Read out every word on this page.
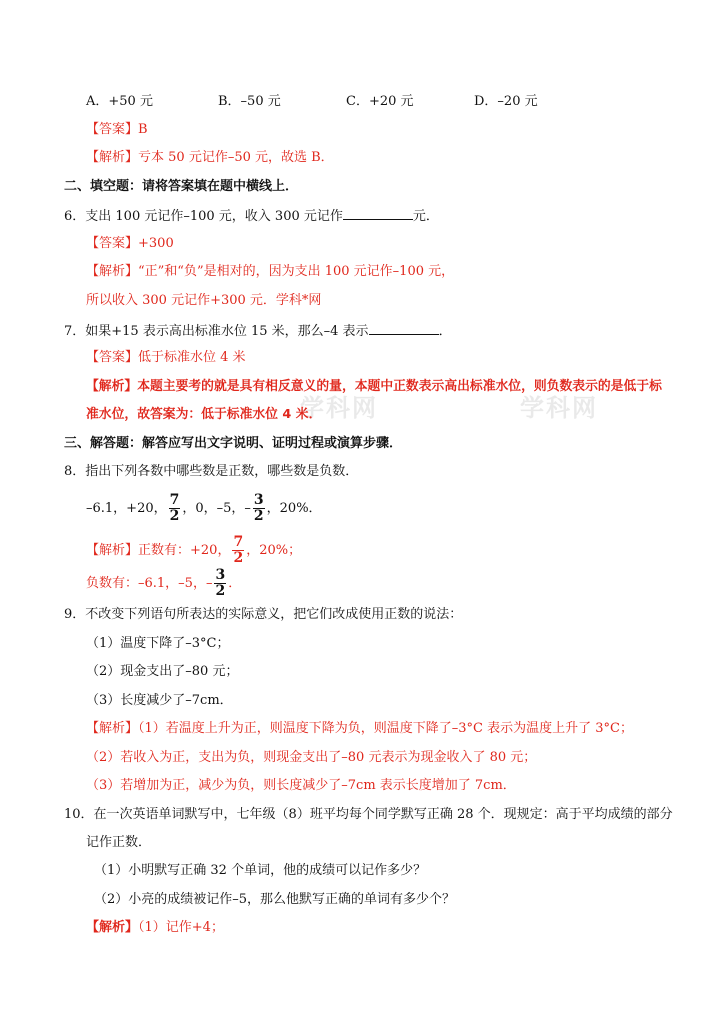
学科网	学科网
A．+50 元	B．–50 元	C．+20 元	D．–20 元
【答案】B
【解析】亏本 50 元记作–50 元，故选 B．
二、填空题：请将答案填在题中横线上．
6．支出 100 元记作–100 元，收入 300 元记作	元．
【答案】+300
【解析】“正”和“负”是相对的，因为支出 100 元记作–100 元，
所以收入 300 元记作+300 元．学科*网
7．如果+15 表示高出标准水位 15 米，那么–4 表示	．
【答案】低于标准水位 4 米
【解析】本题主要考的就是具有相反意义的量，本题中正数表示高出标准水位，则负数表示的是低于标
准水位，故答案为：低于标准水位 4 米．
三、解答题：解答应写出文字说明、证明过程或演算步骤．
8．指出下列各数中哪些数是正数，哪些数是负数．
–6.1，+20， $\frac{7}{2}$ ，0，–5，– $\frac{3}{2}$ ，20%．
【解析】正数有：+20， $\frac{7}{2}$ ，20%；
负数有：–6.1，–5，– $\frac{3}{2}$ ．
9．不改变下列语句所表达的实际意义，把它们改成使用正数的说法：
（1）温度下降了–3°C；
（2）现金支出了–80 元；
（3）长度减少了–7cm．
【解析】（1）若温度上升为正，则温度下降为负，则温度下降了–3°C 表示为温度上升了 3°C；
（2）若收入为正，支出为负，则现金支出了–80 元表示为现金收入了 80 元；
（3）若增加为正，减少为负，则长度减少了–7cm 表示长度增加了 7cm．
10．在一次英语单词默写中，七年级（8）班平均每个同学默写正确 28 个．现规定：高于平均成绩的部分
记作正数．
（1）小明默写正确 32 个单词，他的成绩可以记作多少？
（2）小亮的成绩被记作–5，那么他默写正确的单词有多少个？
【解析】（1）记作+4；
